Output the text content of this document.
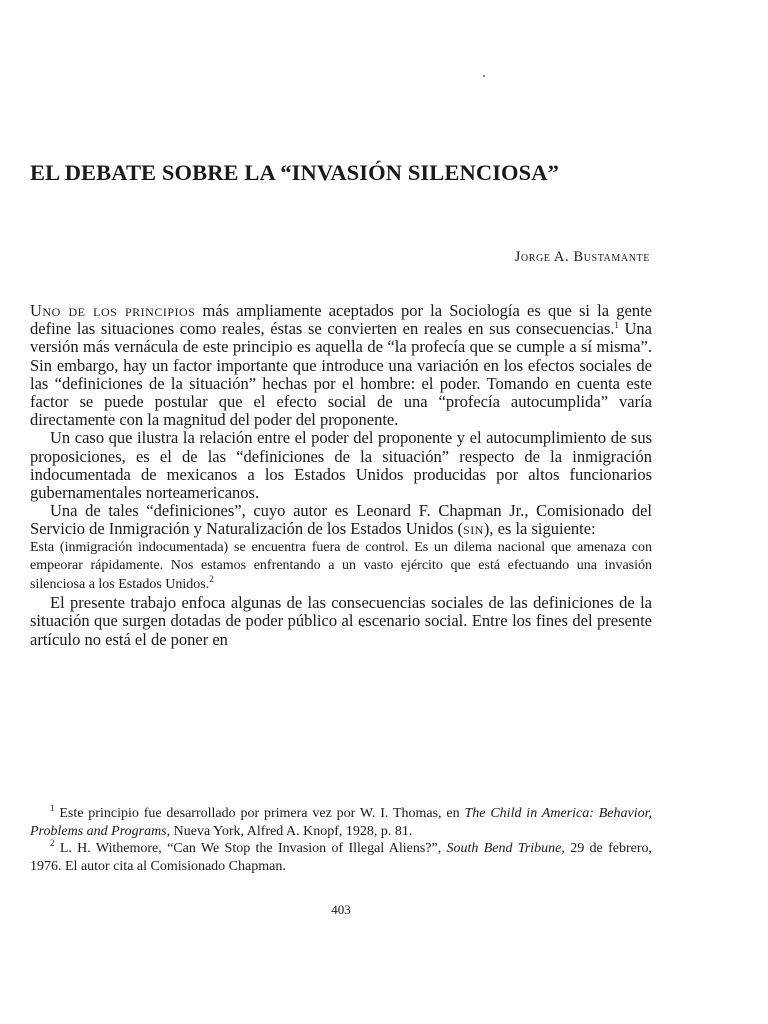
EL DEBATE SOBRE LA “INVASIÓN SILENCIOSA”
Jorge A. Bustamante

Uno de los principios más ampliamente aceptados por la Sociología es que si la gente define las situaciones como reales, éstas se convierten en reales en sus consecuencias.$^1$ Una versión más vernácula de este principio es aquella de “la profecía que se cumple a sí misma”. Sin embargo, hay un factor importante que introduce una variación en los efectos sociales de las “definiciones de la situación” hechas por el hombre: el poder. Tomando en cuenta este factor se puede postular que el efecto social de una “profecía autocumplida” varía directamente con la magnitud del poder del proponente.

Un caso que ilustra la relación entre el poder del proponente y el autocumplimiento de sus proposiciones, es el de las “definiciones de la situación” respecto de la inmigración indocumentada de mexicanos a los Estados Unidos producidas por altos funcionarios gubernamentales norteamericanos.

Una de tales “definiciones”, cuyo autor es Leonard F. Chapman Jr., Comisionado del Servicio de Inmigración y Naturalización de los Estados Unidos (sin), es la siguiente:

Esta (inmigración indocumentada) se encuentra fuera de control. Es un dilema nacional que amenaza con empeorar rápidamente. Nos estamos enfrentando a un vasto ejército que está efectuando una invasión silenciosa a los Estados Unidos.$^2$

El presente trabajo enfoca algunas de las consecuencias sociales de las definiciones de la situación que surgen dotadas de poder público al escenario social. Entre los fines del presente artículo no está el de poner en

$^1$ Este principio fue desarrollado por primera vez por W. I. Thomas, en The Child in America: Behavior, Problems and Programs, Nueva York, Alfred A. Knopf, 1928, p. 81.

$^2$ L. H. Withemore, “Can We Stop the Invasion of Illegal Aliens?”, South Bend Tribune, 29 de febrero, 1976. El autor cita al Comisionado Chapman.

403
